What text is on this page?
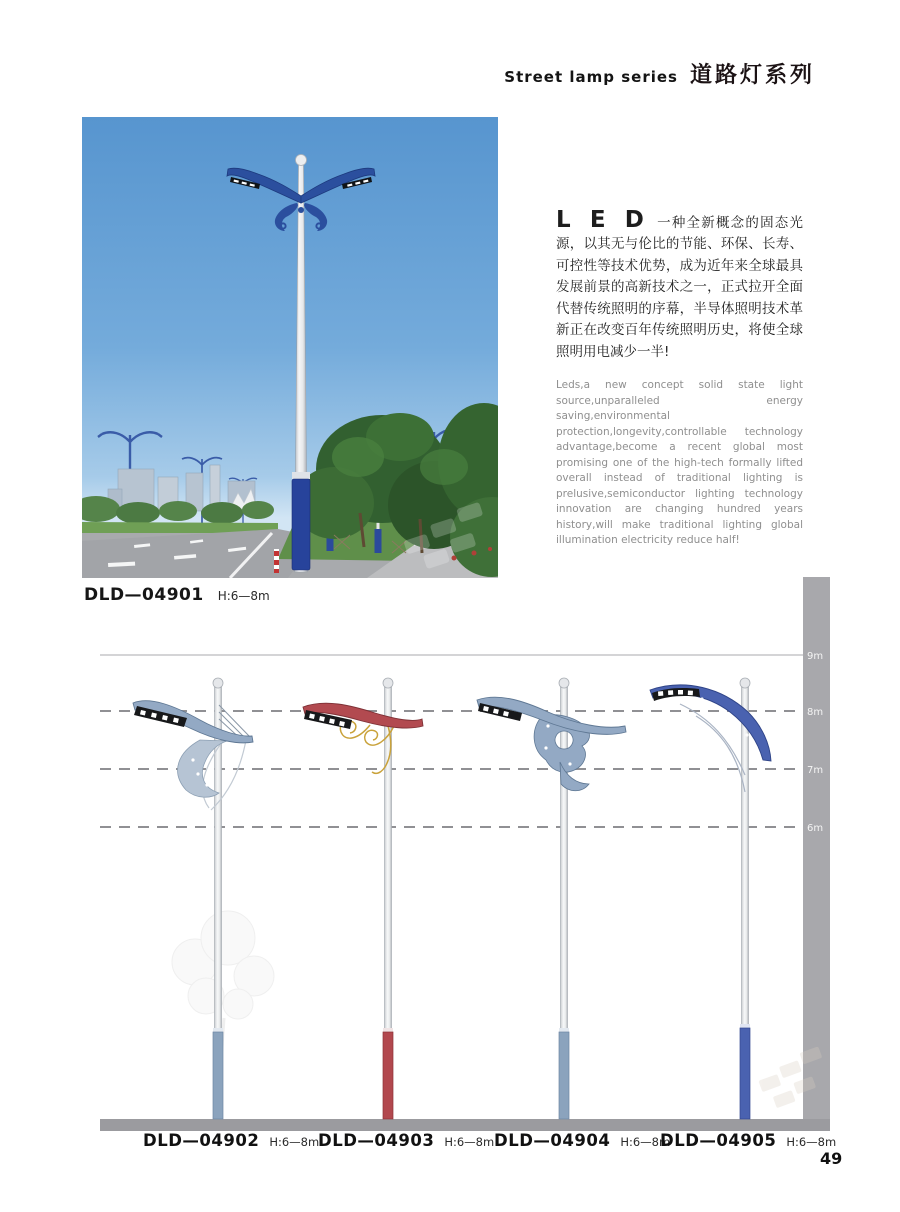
Street lamp series 道路灯系列
DLD—04901 H:6—8m

L E D 一种全新概念的固态光源，以其无与伦比的节能、环保、长寿、可控性等技术优势，成为近年来全球最具发展前景的高新技术之一，正式拉开全面代替传统照明的序幕，半导体照明技术革新正在改变百年传统照明历史，将使全球照明用电减少一半!

Leds,a new concept solid state light source,unparalleled energy saving,environmental protection,longevity,controllable technology advantage,become a recent global most promising one of the high-tech formally lifted overall instead of traditional lighting is prelusive,semiconductor lighting technology innovation are changing hundred years history,will make traditional lighting global illumination electricity reduce half!

9m
8m
7m
6m
DLD—04902 H:6—8m
DLD—04903 H:6—8m DLD—04904 H:6—8m
DLD—04905 H:6—8m
49
